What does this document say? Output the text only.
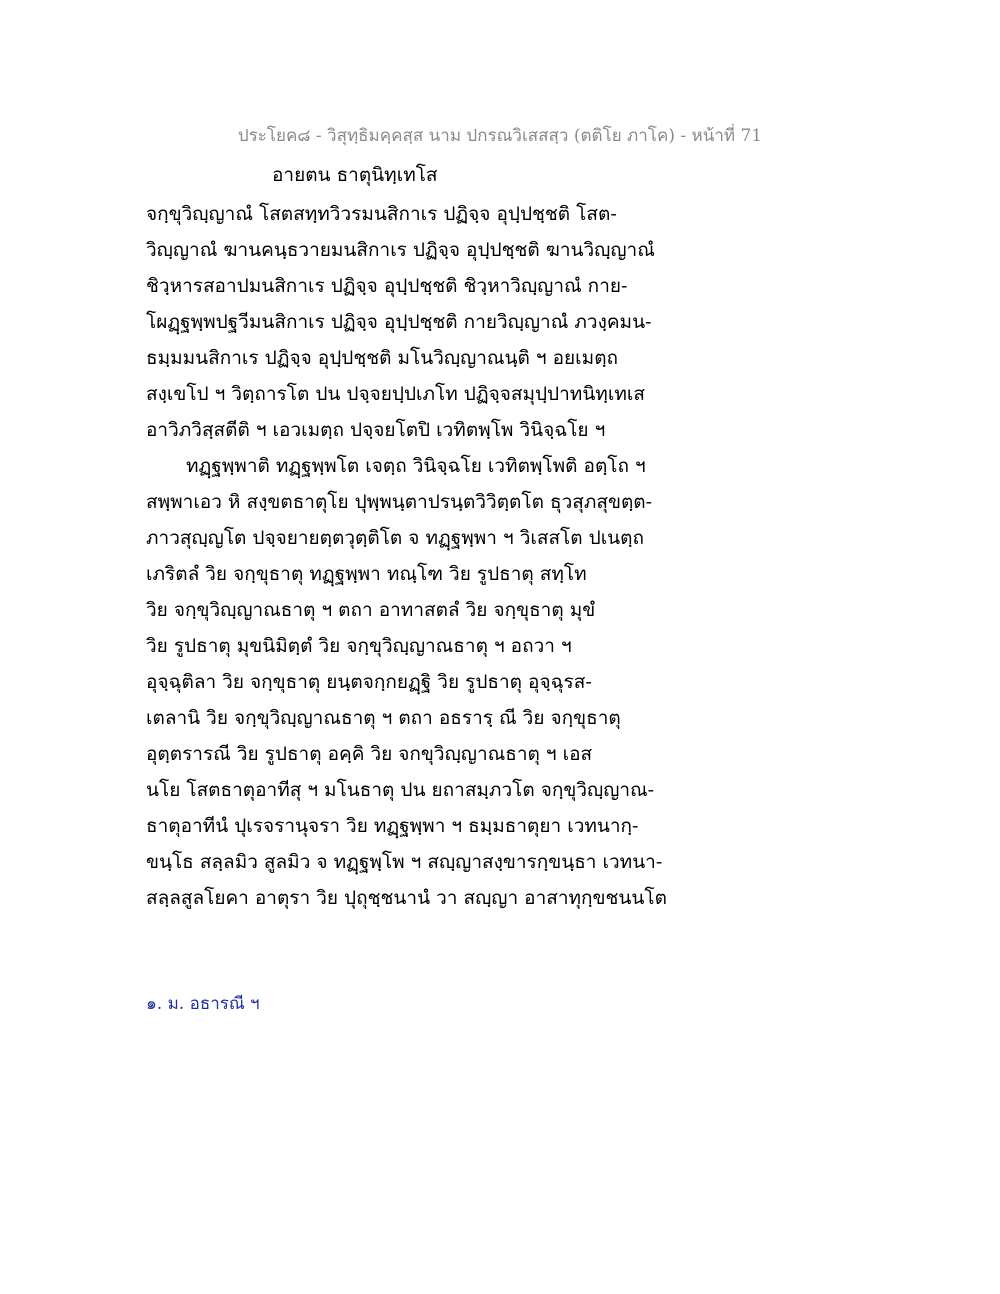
ประโยค๘ - วิสุทฺธิมคฺคสฺส นาม ปกรณวิเสสสฺว (ตติโย ภาโค) - หน้าที่ 71
อายตน ธาตุนิทฺเทโส
จกฺขุวิญฺญาณํ โสตสทฺทวิวรมนสิกาเร ปฏิจฺจ อุปฺปชฺชติ โสต-
วิญฺญาณํ ฆานคนฺธวายมนสิกาเร ปฏิจฺจ อุปฺปชฺชติ ฆานวิญฺญาณํ
ชิวฺหารสอาปมนสิกาเร ปฏิจฺจ อุปฺปชฺชติ ชิวฺหาวิญฺญาณํ กาย-
โผฏฺฐพฺพปฐวีมนสิกาเร ปฏิจฺจ อุปฺปชฺชติ กายวิญฺญาณํ ภวงฺคมน-
ธมฺมมนสิกาเร ปฏิจฺจ อุปฺปชฺชติ มโนวิญฺญาณนฺติ ฯ อยเมตฺถ
สงฺเขโป ฯ วิตฺถารโต ปน ปจฺจยปฺปเภโท ปฏิจฺจสมุปฺปาทนิทฺเทเส
อาวิภวิสฺสตีติ ฯ เอวเมตฺถ ปจฺจยโตปิ เวทิตพฺโพ วินิจฺฉโย ฯ
ทฏฺฐพฺพาติ ทฏฺฐพฺพโต เจตฺถ วินิจฺฉโย เวทิตพฺโพติ อตฺโถ ฯ
สพฺพาเอว หิ สงฺขตธาตุโย ปุพฺพนฺตาปรนฺตวิวิตฺตโต ธุวสุภสุขตฺต-
ภาวสุญฺญโต ปจฺจยายตฺตวุตฺติโต จ ทฏฺฐพฺพา ฯ วิเสสโต ปเนตฺถ
เภริตลํ วิย จกฺขุธาตุ ทฏฺฐพฺพา ทณฺโฑ วิย รูปธาตุ สทฺโท
วิย จกฺขุวิญฺญาณธาตุ ฯ ตถา อาทาสตลํ วิย จกฺขุธาตุ มุขํ
วิย รูปธาตุ มุขนิมิตฺตํ วิย จกฺขุวิญฺญาณธาตุ ฯ อถวา ฯ
อุจฺฉุติลา วิย จกฺขุธาตุ ยนฺตจกฺกยฏฺฐิ วิย รูปธาตุ อุจฺฉุรส-
เตลานิ วิย จกฺขุวิญฺญาณธาตุ ฯ ตถา อธรารฺ ณี วิย จกฺขุธาตุ
อุตฺตรารณี วิย รูปธาตุ อคฺคิ วิย จกขุวิญฺญาณธาตุ ฯ เอส
นโย โสตธาตุอาทีสุ ฯ มโนธาตุ ปน ยถาสมฺภวโต จกฺขุวิญฺญาณ-
ธาตุอาทีนํ ปุเรจรานุจรา วิย ทฏฺฐพฺพา ฯ ธมฺมธาตุยา เวทนากฺ-
ขนฺโธ สลฺลมิว สูลมิว จ ทฏฺฐพฺโพ ฯ สญฺญาสงฺขารกฺขนฺธา เวทนา-
สลฺลสูลโยคา อาตุรา วิย ปุถุชฺชนานํ วา สญฺญา อาสาทุกฺขชนนโต
๑. ม. อธารณี ฯ
